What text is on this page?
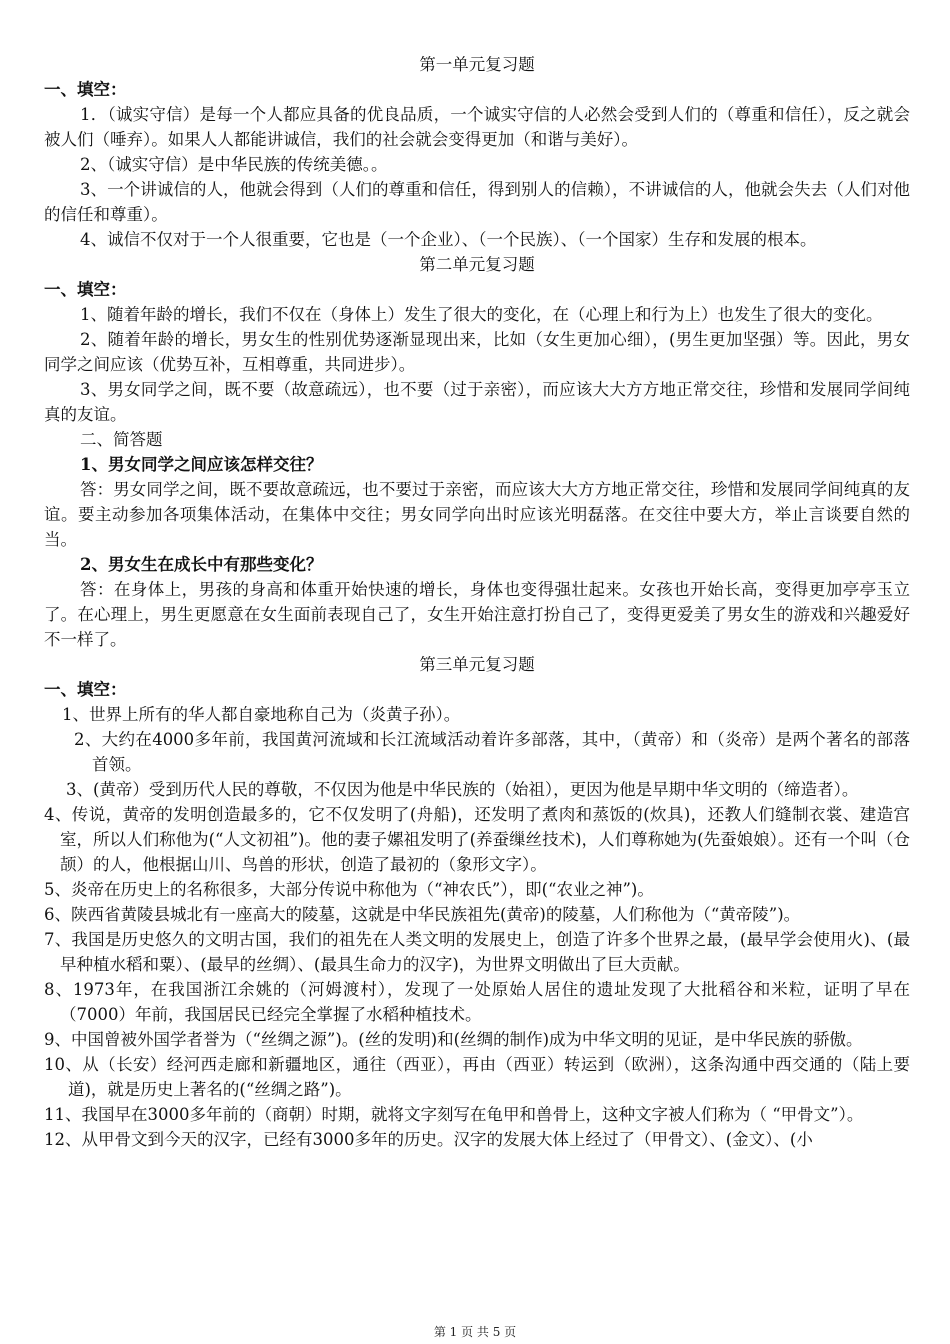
第一单元复习题

一、填空：

1．（诚实守信）是每一个人都应具备的优良品质，一个诚实守信的人必然会受到人们的（尊重和信任），反之就会被人们（唾弃）。如果人人都能讲诚信，我们的社会就会变得更加（和谐与美好）。

2、（诚实守信）是中华民族的传统美德。。

3、一个讲诚信的人，他就会得到（人们的尊重和信任，得到别人的信赖），不讲诚信的人，他就会失去（人们对他的信任和尊重）。

4、诚信不仅对于一个人很重要，它也是（一个企业）、（一个民族）、（一个国家）生存和发展的根本。

第二单元复习题

一、填空：

1、随着年龄的增长，我们不仅在（身体上）发生了很大的变化，在（心理上和行为上）也发生了很大的变化。

2、随着年龄的增长，男女生的性别优势逐渐显现出来，比如（女生更加心细），(男生更加坚强）等。因此，男女同学之间应该（优势互补，互相尊重，共同进步）。

3、男女同学之间，既不要（故意疏远），也不要（过于亲密），而应该大大方方地正常交往，珍惜和发展同学间纯真的友谊。

二、简答题

1、男女同学之间应该怎样交往？

答：男女同学之间，既不要故意疏远，也不要过于亲密，而应该大大方方地正常交往，珍惜和发展同学间纯真的友谊。要主动参加各项集体活动，在集体中交往；男女同学向出时应该光明磊落。在交往中要大方，举止言谈要自然的当。

2、男女生在成长中有那些变化？

答：在身体上，男孩的身高和体重开始快速的增长，身体也变得强壮起来。女孩也开始长高，变得更加亭亭玉立了。在心理上，男生更愿意在女生面前表现自己了，女生开始注意打扮自己了，变得更爱美了男女生的游戏和兴趣爱好不一样了。

第三单元复习题

一、填空：

1、世界上所有的华人都自豪地称自己为（炎黄子孙）。

2、大约在4000多年前，我国黄河流域和长江流域活动着许多部落，其中，（黄帝）和（炎帝）是两个著名的部落首领。

3、(黄帝）受到历代人民的尊敬，不仅因为他是中华民族的（始祖），更因为他是早期中华文明的（缔造者）。

4、传说，黄帝的发明创造最多的，它不仅发明了(舟船)，还发明了煮肉和蒸饭的(炊具)，还教人们缝制衣裳、建造宫室，所以人们称他为(“人文初祖”)。他的妻子嫘祖发明了(养蚕缫丝技术)，人们尊称她为(先蚕娘娘）。还有一个叫（仓颉）的人，他根据山川、鸟兽的形状，创造了最初的（象形文字）。

5、炎帝在历史上的名称很多，大部分传说中称他为（“神农氏”），即(“农业之神”)。

6、陕西省黄陵县城北有一座高大的陵墓，这就是中华民族祖先(黄帝)的陵墓，人们称他为（“黄帝陵”)。

7、我国是历史悠久的文明古国，我们的祖先在人类文明的发展史上，创造了许多个世界之最，(最早学会使用火)、(最早种植水稻和粟）、(最早的丝绸）、(最具生命力的汉字)，为世界文明做出了巨大贡献。

8、1973年，在我国浙江余姚的（河姆渡村），发现了一处原始人居住的遗址发现了大批稻谷和米粒，证明了早在（7000）年前，我国居民已经完全掌握了水稻种植技术。

9、中国曾被外国学者誉为（“丝绸之源”)。(丝的发明)和(丝绸的制作)成为中华文明的见证，是中华民族的骄傲。

10、从（长安）经河西走廊和新疆地区，通往（西亚），再由（西亚）转运到（欧洲），这条沟通中西交通的（陆上要道)，就是历史上著名的(“丝绸之路”)。

11、我国早在3000多年前的（商朝）时期，就将文字刻写在龟甲和兽骨上，这种文字被人们称为（ “甲骨文”）。

12、从甲骨文到今天的汉字，已经有3000多年的历史。汉字的发展大体上经过了（甲骨文）、(金文）、(小

第 1 页 共 5 页
